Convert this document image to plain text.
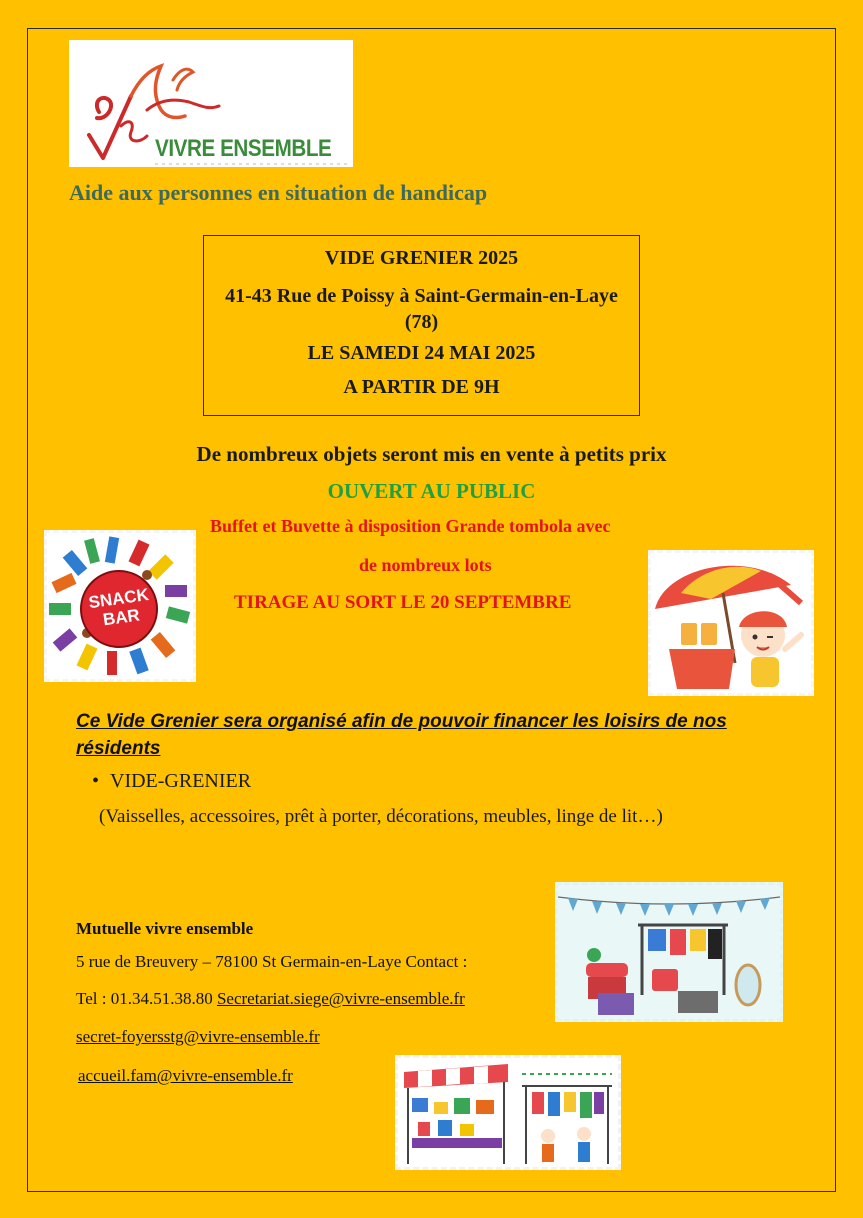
VIVRE ENSEMBLE
Aide aux personnes en situation de handicap
VIDE GRENIER 2025
41-43 Rue de Poissy à Saint-Germain-en-Laye (78)
LE SAMEDI 24 MAI 2025
A PARTIR DE 9H
De nombreux objets seront mis en vente à petits prix
OUVERT AU PUBLIC
Buffet et Buvette à disposition Grande tombola avec
de nombreux lots
TIRAGE AU SORT LE 20 SEPTEMBRE
SNACK
BAR
Ce Vide Grenier sera organisé afin de pouvoir financer les loisirs de nos résidents
• VIDE-GRENIER
(Vaisselles, accessoires, prêt à porter, décorations, meubles, linge de lit…)
Mutuelle vivre ensemble
5 rue de Breuvery – 78100 St Germain-en-Laye Contact :
Tel : 01.34.51.38.80 Secretariat.siege@vivre-ensemble.fr
secret-foyersstg@vivre-ensemble.fr
accueil.fam@vivre-ensemble.fr
